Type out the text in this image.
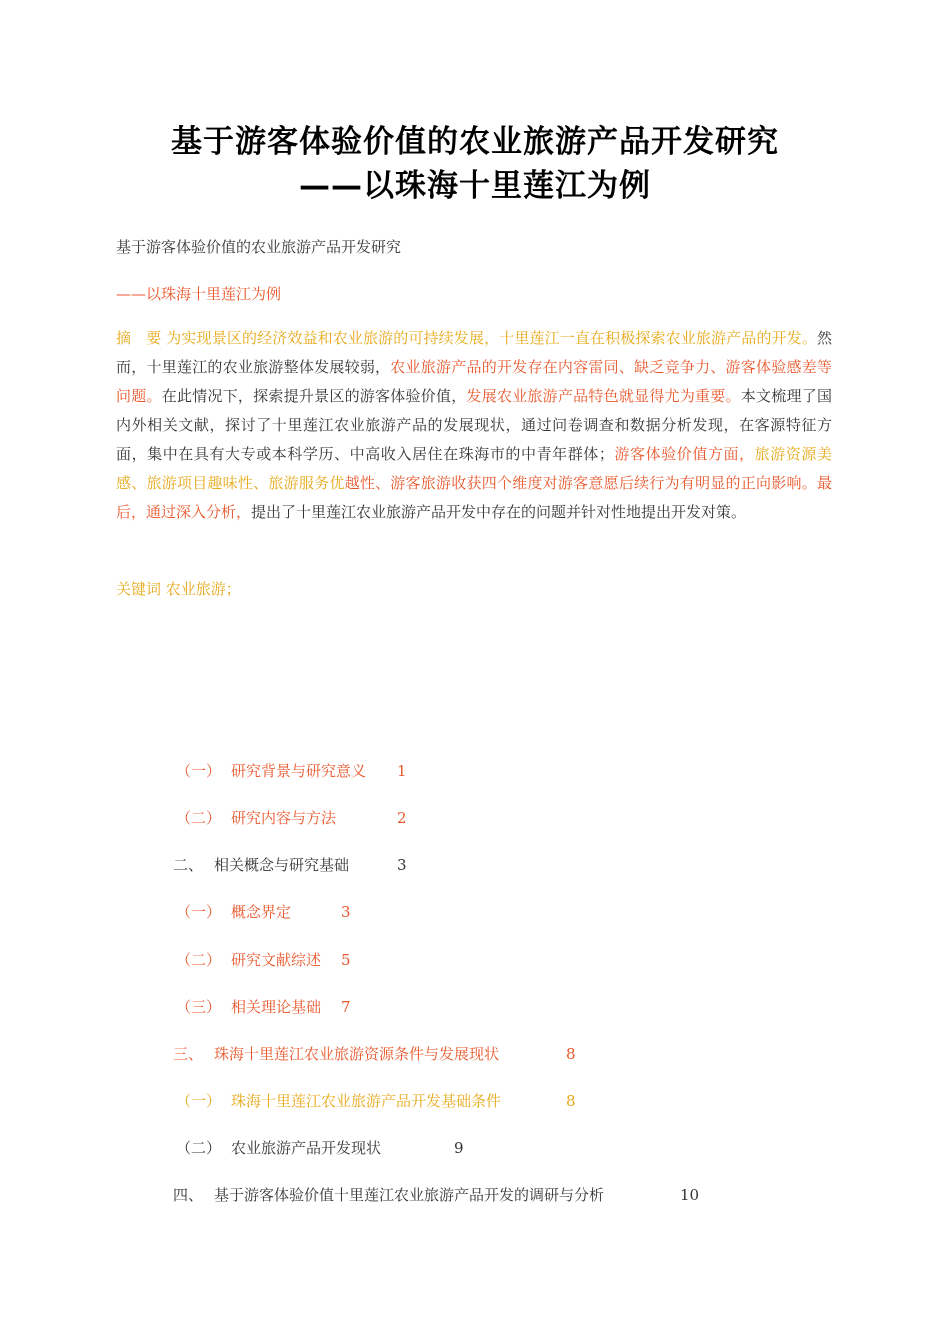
基于游客体验价值的农业旅游产品开发研究
——以珠海十里莲江为例
基于游客体验价值的农业旅游产品开发研究
——以珠海十里莲江为例
摘　要 为实现景区的经济效益和农业旅游的可持续发展，十里莲江一直在积极探索农业旅游产品的开发。然而，十里莲江的农业旅游整体发展较弱，农业旅游产品的开发存在内容雷同、缺乏竞争力、游客体验感差等问题。在此情况下，探索提升景区的游客体验价值，发展农业旅游产品特色就显得尤为重要。本文梳理了国内外相关文献，探讨了十里莲江农业旅游产品的发展现状，通过问卷调查和数据分析发现，在客源特征方面，集中在具有大专或本科学历、中高收入居住在珠海市的中青年群体；游客体验价值方面，旅游资源美感、旅游项目趣味性、旅游服务优越性、游客旅游收获四个维度对游客意愿后续行为有明显的正向影响。最后，通过深入分析，提出了十里莲江农业旅游产品开发中存在的问题并针对性地提出开发对策。
关键词 农业旅游；
（一） 研究背景与研究意义 1
（二） 研究内容与方法	2
二、 相关概念与研究基础	3
（一） 概念界定	3
（二） 研究文献综述 5
（三） 相关理论基础 7
三、 珠海十里莲江农业旅游资源条件与发展现状	8
（一） 珠海十里莲江农业旅游产品开发基础条件	8
（二） 农业旅游产品开发现状	9
四、 基于游客体验价值十里莲江农业旅游产品开发的调研与分析	10
